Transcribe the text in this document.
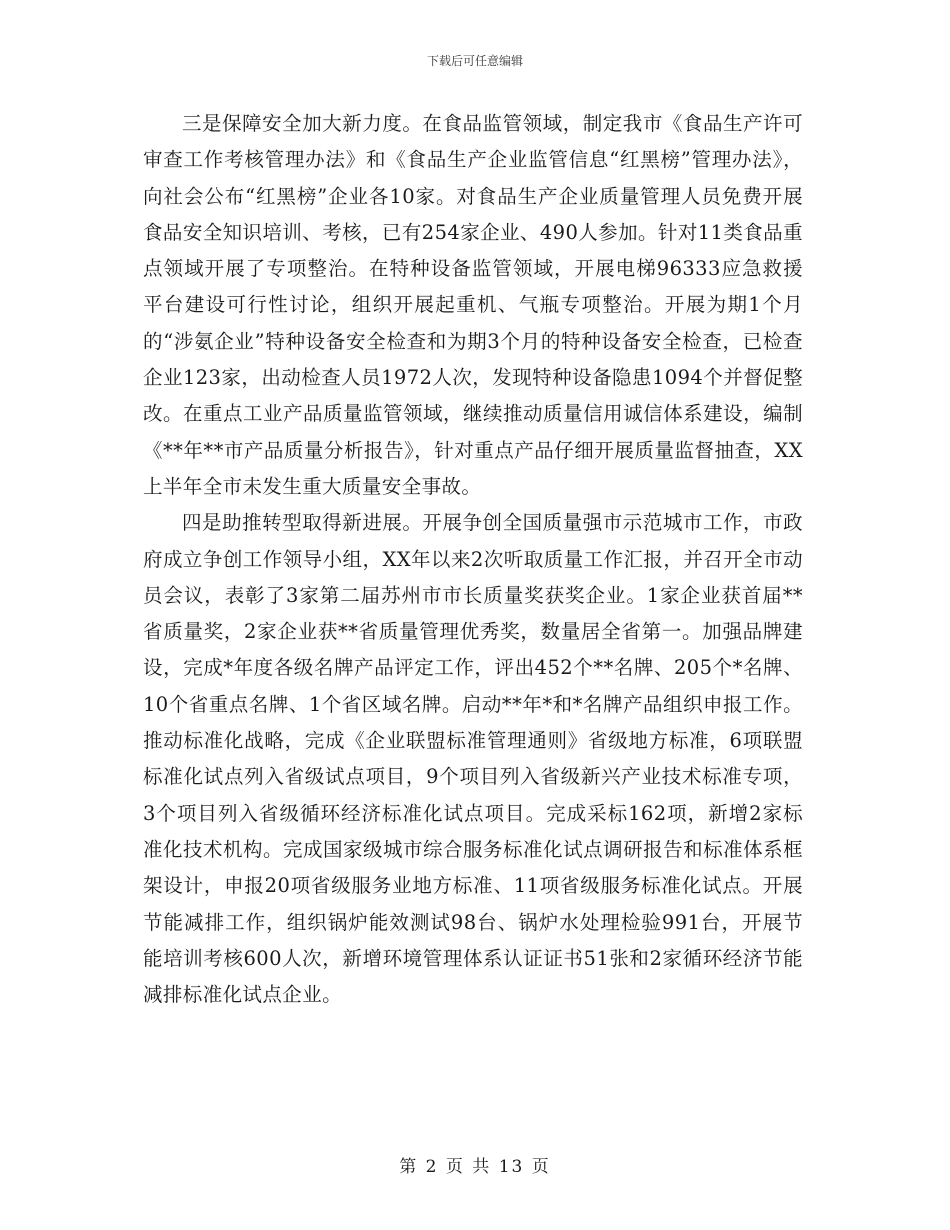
下载后可任意编辑

三是保障安全加大新力度。在食品监管领域，制定我市《食品生产许可审查工作考核管理办法》和《食品生产企业监管信息“红黑榜”管理办法》，向社会公布“红黑榜”企业各10家。对食品生产企业质量管理人员免费开展食品安全知识培训、考核，已有254家企业、490人参加。针对11类食品重点领域开展了专项整治。在特种设备监管领域，开展电梯96333应急救援平台建设可行性讨论，组织开展起重机、气瓶专项整治。开展为期1个月的“涉氨企业”特种设备安全检查和为期3个月的特种设备安全检查，已检查企业123家，出动检查人员1972人次，发现特种设备隐患1094个并督促整改。在重点工业产品质量监管领域，继续推动质量信用诚信体系建设，编制《**年**市产品质量分析报告》，针对重点产品仔细开展质量监督抽查，XX上半年全市未发生重大质量安全事故。

四是助推转型取得新进展。开展争创全国质量强市示范城市工作，市政府成立争创工作领导小组，XX年以来2次听取质量工作汇报，并召开全市动员会议，表彰了3家第二届苏州市市长质量奖获奖企业。1家企业获首届**省质量奖，2家企业获**省质量管理优秀奖，数量居全省第一。加强品牌建设，完成*年度各级名牌产品评定工作，评出452个**名牌、205个*名牌、10个省重点名牌、1个省区域名牌。启动**年*和*名牌产品组织申报工作。推动标准化战略，完成《企业联盟标准管理通则》省级地方标准，6项联盟标准化试点列入省级试点项目，9个项目列入省级新兴产业技术标准专项，3个项目列入省级循环经济标准化试点项目。完成采标162项，新增2家标准化技术机构。完成国家级城市综合服务标准化试点调研报告和标准体系框架设计，申报20项省级服务业地方标准、11项省级服务标准化试点。开展节能减排工作，组织锅炉能效测试98台、锅炉水处理检验991台，开展节能培训考核600人次，新增环境管理体系认证证书51张和2家循环经济节能减排标准化试点企业。

第 2 页 共 13 页
